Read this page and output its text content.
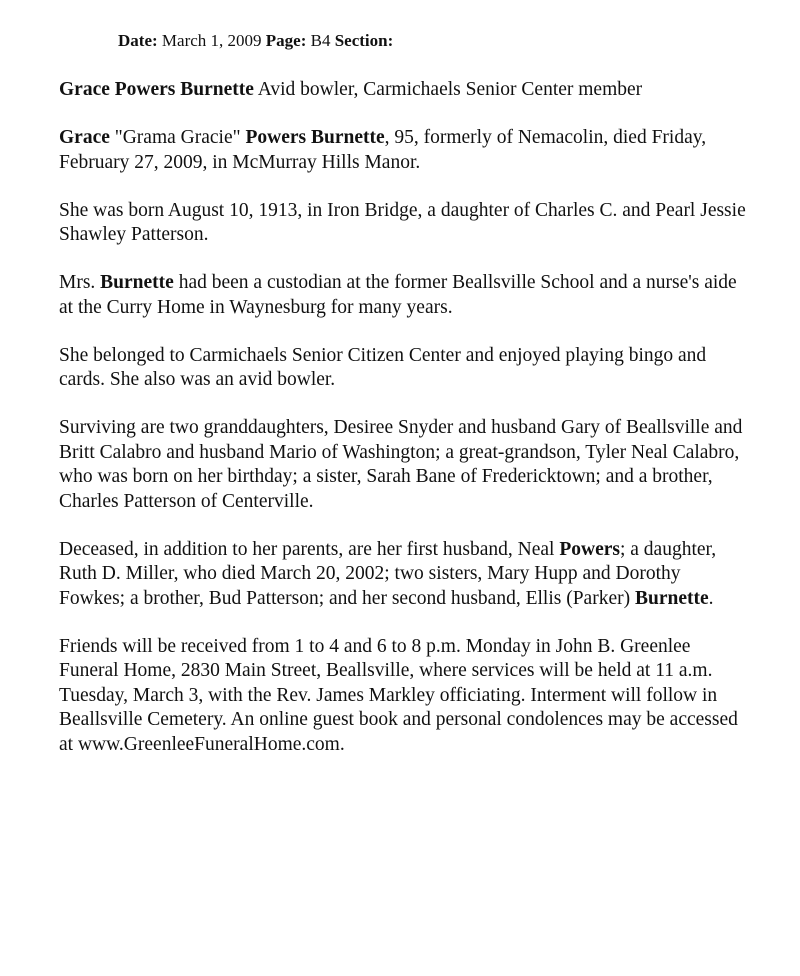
Date: March 1, 2009 Page: B4 Section:

Grace Powers Burnette Avid bowler, Carmichaels Senior Center member

Grace "Grama Gracie" Powers Burnette, 95, formerly of Nemacolin, died Friday, February 27, 2009, in McMurray Hills Manor.

She was born August 10, 1913, in Iron Bridge, a daughter of Charles C. and Pearl Jessie Shawley Patterson.

Mrs. Burnette had been a custodian at the former Beallsville School and a nurse's aide at the Curry Home in Waynesburg for many years.

She belonged to Carmichaels Senior Citizen Center and enjoyed playing bingo and cards. She also was an avid bowler.

Surviving are two granddaughters, Desiree Snyder and husband Gary of Beallsville and Britt Calabro and husband Mario of Washington; a great-grandson, Tyler Neal Calabro, who was born on her birthday; a sister, Sarah Bane of Fredericktown; and a brother, Charles Patterson of Centerville.

Deceased, in addition to her parents, are her first husband, Neal Powers; a daughter, Ruth D. Miller, who died March 20, 2002; two sisters, Mary Hupp and Dorothy Fowkes; a brother, Bud Patterson; and her second husband, Ellis (Parker) Burnette.

Friends will be received from 1 to 4 and 6 to 8 p.m. Monday in John B. Greenlee Funeral Home, 2830 Main Street, Beallsville, where services will be held at 11 a.m. Tuesday, March 3, with the Rev. James Markley officiating. Interment will follow in Beallsville Cemetery. An online guest book and personal condolences may be accessed at www.GreenleeFuneralHome.com.
